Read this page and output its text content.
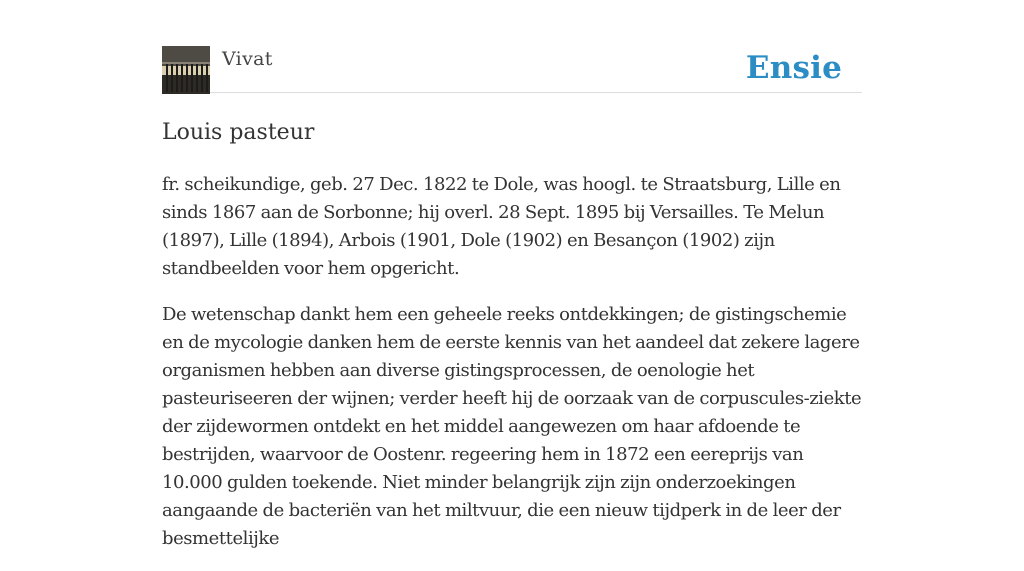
Vivat	Ensie
Louis pasteur

fr. scheikundige, geb. 27 Dec. 1822 te Dole, was hoogl. te Straatsburg, Lille en sinds 1867 aan de Sorbonne; hij overl. 28 Sept. 1895 bij Versailles. Te Melun (1897), Lille (1894), Arbois (1901, Dole (1902) en Besançon (1902) zijn standbeelden voor hem opgericht.

De wetenschap dankt hem een geheele reeks ontdekkingen; de gistingschemie en de mycologie danken hem de eerste kennis van het aandeel dat zekere lagere organismen hebben aan diverse gistingsprocessen, de oenologie het pasteuriseeren der wijnen; verder heeft hij de oorzaak van de corpuscules-ziekte der zijdewormen ontdekt en het middel aangewezen om haar afdoende te bestrijden, waarvoor de Oostenr. regeering hem in 1872 een eereprijs van 10.000 gulden toekende. Niet minder belangrijk zijn zijn onderzoekingen aangaande de bacteriën van het miltvuur, die een nieuw tijdperk in de leer der besmettelijke
